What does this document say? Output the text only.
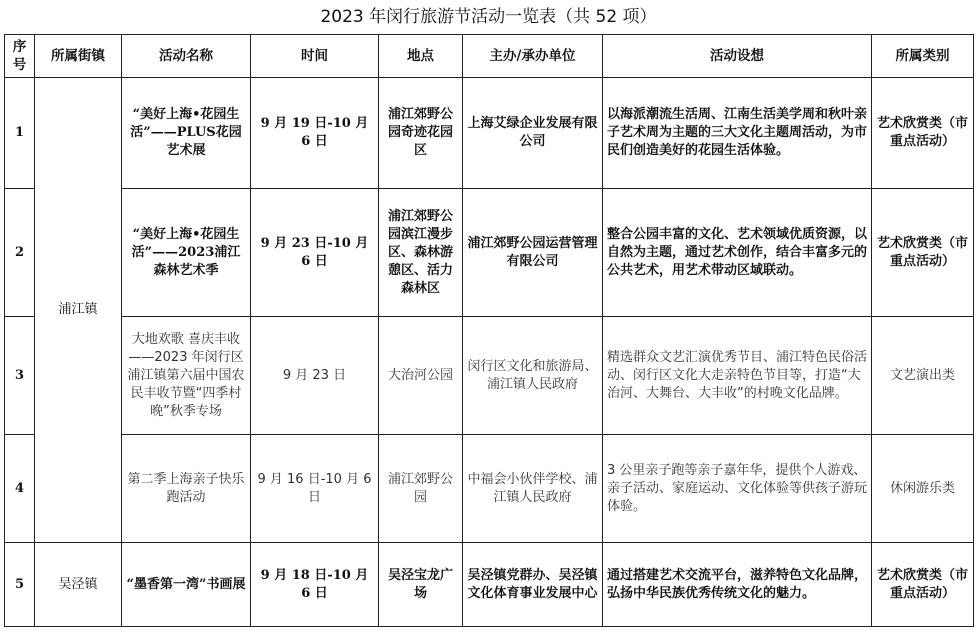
2023 年闵行旅游节活动一览表（共 52 项）
序号	所属街镇	活动名称	时间	地点	主办/承办单位	活动设想	所属类别
1	浦江镇	“美好上海•花园生活”——PLUS花园艺术展	9 月 19 日-10 月 6 日	浦江郊野公园奇迹花园区	上海艾绿企业发展有限公司	以海派潮流生活周、江南生活美学周和秋叶亲子艺术周为主题的三大文化主题周活动，为市民们创造美好的花园生活体验。	艺术欣赏类（市重点活动）
2		“美好上海•花园生活”——2023浦江森林艺术季	9 月 23 日-10 月 6 日	浦江郊野公园滨江漫步区、森林游憩区、活力森林区	浦江郊野公园运营管理有限公司	整合公园丰富的文化、艺术领域优质资源，以自然为主题，通过艺术创作，结合丰富多元的公共艺术，用艺术带动区域联动。	艺术欣赏类（市重点活动）
3		大地欢歌 喜庆丰收——2023 年闵行区浦江镇第六届中国农民丰收节暨“四季村晚”秋季专场	9 月 23 日	大治河公园	闵行区文化和旅游局、浦江镇人民政府	精选群众文艺汇演优秀节目、浦江特色民俗活动、闵行区文化大走亲特色节目等，打造“大治河、大舞台、大丰收”的村晚文化品牌。	文艺演出类
4		第二季上海亲子快乐跑活动	9 月 16 日-10 月 6 日	浦江郊野公园	中福会小伙伴学校、浦江镇人民政府	3 公里亲子跑等亲子嘉年华，提供个人游戏、亲子活动、家庭运动、文化体验等供孩子游玩体验。	休闲游乐类
5	吴泾镇	“墨香第一湾”书画展	9 月 18 日-10 月 6 日	吴泾宝龙广场	吴泾镇党群办、吴泾镇文化体育事业发展中心	通过搭建艺术交流平台，滋养特色文化品牌，弘扬中华民族优秀传统文化的魅力。	艺术欣赏类（市重点活动）
